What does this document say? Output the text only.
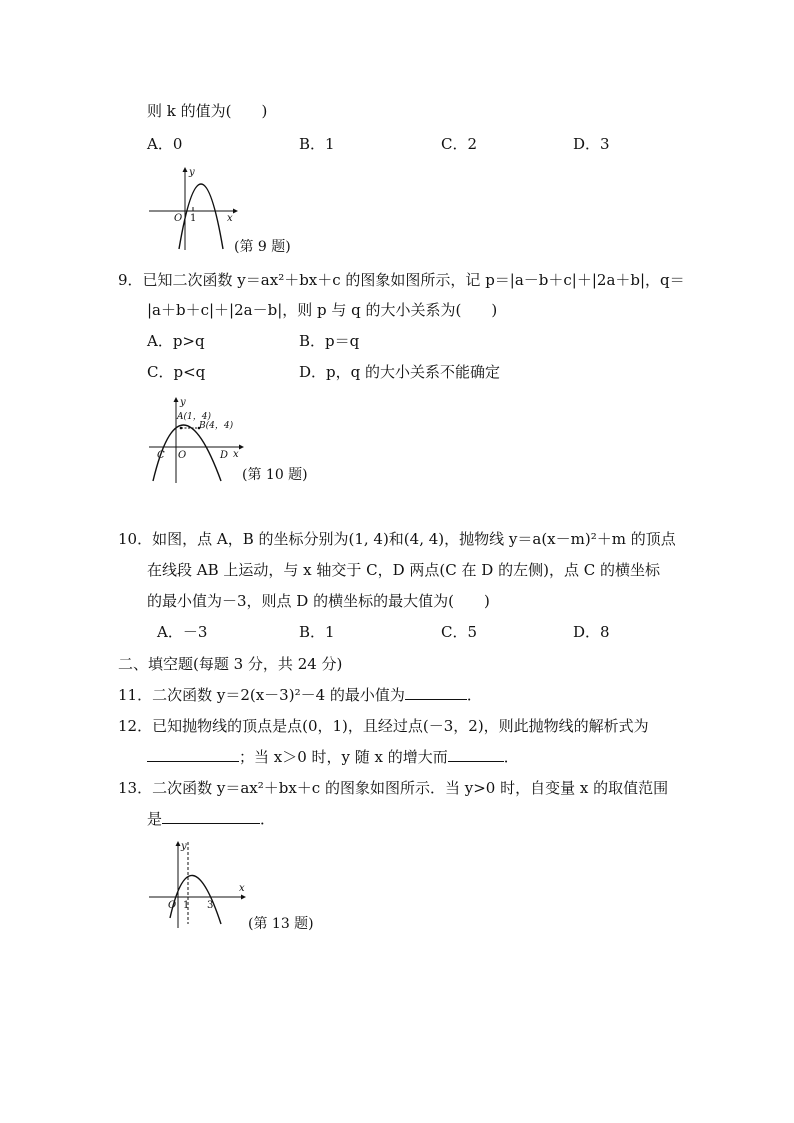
则 k 的值为(　　)
A．0	B．1	C．2	D．3
y
x
O 1
(第 9 题)
9．已知二次函数 y＝ax²＋bx＋c 的图象如图所示，记 p＝|a－b＋c|＋|2a＋b|，q＝
|a＋b＋c|＋|2a－b|，则 p 与 q 的大小关系为(　　)
A．p>q	B．p＝q
C．p<q	D．p，q 的大小关系不能确定
y
x
A(1，4)
B(4，4)
O
C	D
(第 10 题)
10．如图，点 A，B 的坐标分别为(1, 4)和(4, 4)，抛物线 y＝a(x－m)²＋m 的顶点
在线段 AB 上运动，与 x 轴交于 C，D 两点(C 在 D 的左侧)，点 C 的横坐标
的最小值为－3，则点 D 的横坐标的最大值为(　　)
A．－3	B．1	C．5	D．8
二、填空题(每题 3 分，共 24 分)
11．二次函数 y＝2(x－3)²－4 的最小值为	．
12．已知抛物线的顶点是点(0，1)，且经过点(－3，2)，则此抛物线的解析式为
；当 x＞0 时，y 随 x 的增大而	．
13．二次函数 y＝ax²＋bx＋c 的图象如图所示．当 y>0 时，自变量 x 的取值范围
是	．
y
x
O 1 3
(第 13 题)
